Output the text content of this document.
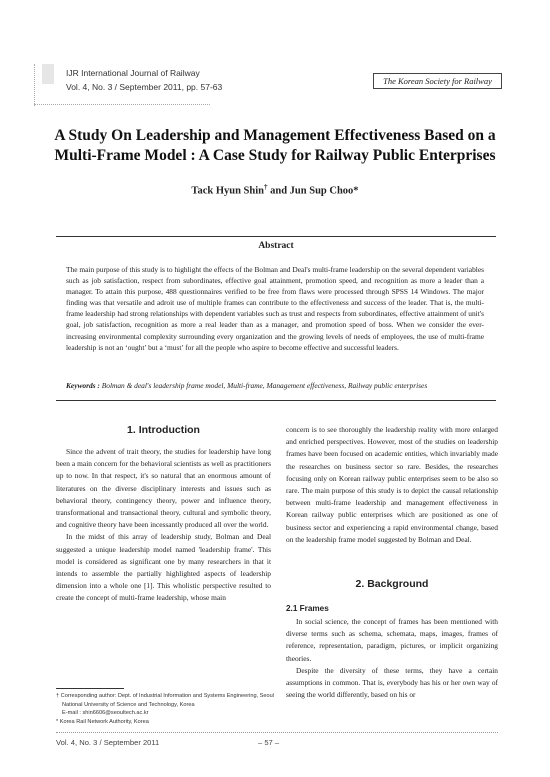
IJR International Journal of Railway
Vol. 4, No. 3 / September 2011, pp. 57-63
The Korean Society for Railway
A Study On Leadership and Management Effectiveness Based on a
Multi-Frame Model : A Case Study for Railway Public Enterprises
Tack Hyun Shin† and Jun Sup Choo*
Abstract
The main purpose of this study is to highlight the effects of the Bolman and Deal's multi-frame leadership on the several dependent variables such as job satisfaction, respect from subordinates, effective goal attainment, promotion speed, and recognition as more a leader than a manager. To attain this purpose, 488 questionnaires verified to be free from flaws were processed through SPSS 14 Windows. The major finding was that versatile and adroit use of multiple frames can contribute to the effectiveness and success of the leader. That is, the multi-frame leadership had strong relationships with dependent variables such as trust and respects from subordinates, effective attainment of unit's goal, job satisfaction, recognition as more a real leader than as a manager, and promotion speed of boss. When we consider the ever-increasing environmental complexity surrounding every organization and the growing levels of needs of employees, the use of multi-frame leadership is not an ‘ought’ but a ‘must’ for all the people who aspire to become effective and successful leaders.
Keywords : Bolman & deal's leadership frame model, Multi-frame, Management effectiveness, Railway public enterprises
1. Introduction

Since the advent of trait theory, the studies for leadership have long been a main concern for the behavioral scientists as well as practitioners up to now. In that respect, it's so natural that an enormous amount of literatures on the diverse disciplinary interests and issues such as behavioral theory, contingency theory, power and influence theory, transformational and transactional theory, cultural and symbolic theory, and cognitive theory have been incessantly produced all over the world.

In the midst of this array of leadership study, Bolman and Deal suggested a unique leadership model named 'leadership frame'. This model is considered as significant one by many researchers in that it intends to assemble the partially highlighted aspects of leadership dimension into a whole one [1]. This wholistic perspective resulted to create the concept of multi-frame leadership, whose main

concern is to see thoroughly the leadership reality with more enlarged and enriched perspectives. However, most of the studies on leadership frames have been focused on academic entities, which invariably made the researches on business sector so rare. Besides, the researches focusing only on Korean railway public enterprises seem to be also so rare. The main purpose of this study is to depict the causal relationship between multi-frame leadership and management effectiveness in Korean railway public enterprises which are positioned as one of business sector and experiencing a rapid environmental change, based on the leadership frame model suggested by Bolman and Deal.

2. Background
2.1 Frames

In social science, the concept of frames has been mentioned with diverse terms such as schema, schemata, maps, images, frames of reference, representation, paradigm, pictures, or implicit organizing theories.

Despite the diversity of these terms, they have a certain assumptions in common. That is, everybody has his or her own way of seeing the world differently, based on his or

† Corresponding author: Dept. of Industrial Information and Systems Engineering, Seoul National University of Science and Technology, Korea
E-mail : shin6606@seoultech.ac.kr
* Korea Rail Network Authority, Korea
Vol. 4, No. 3 / September 2011	– 57 –
